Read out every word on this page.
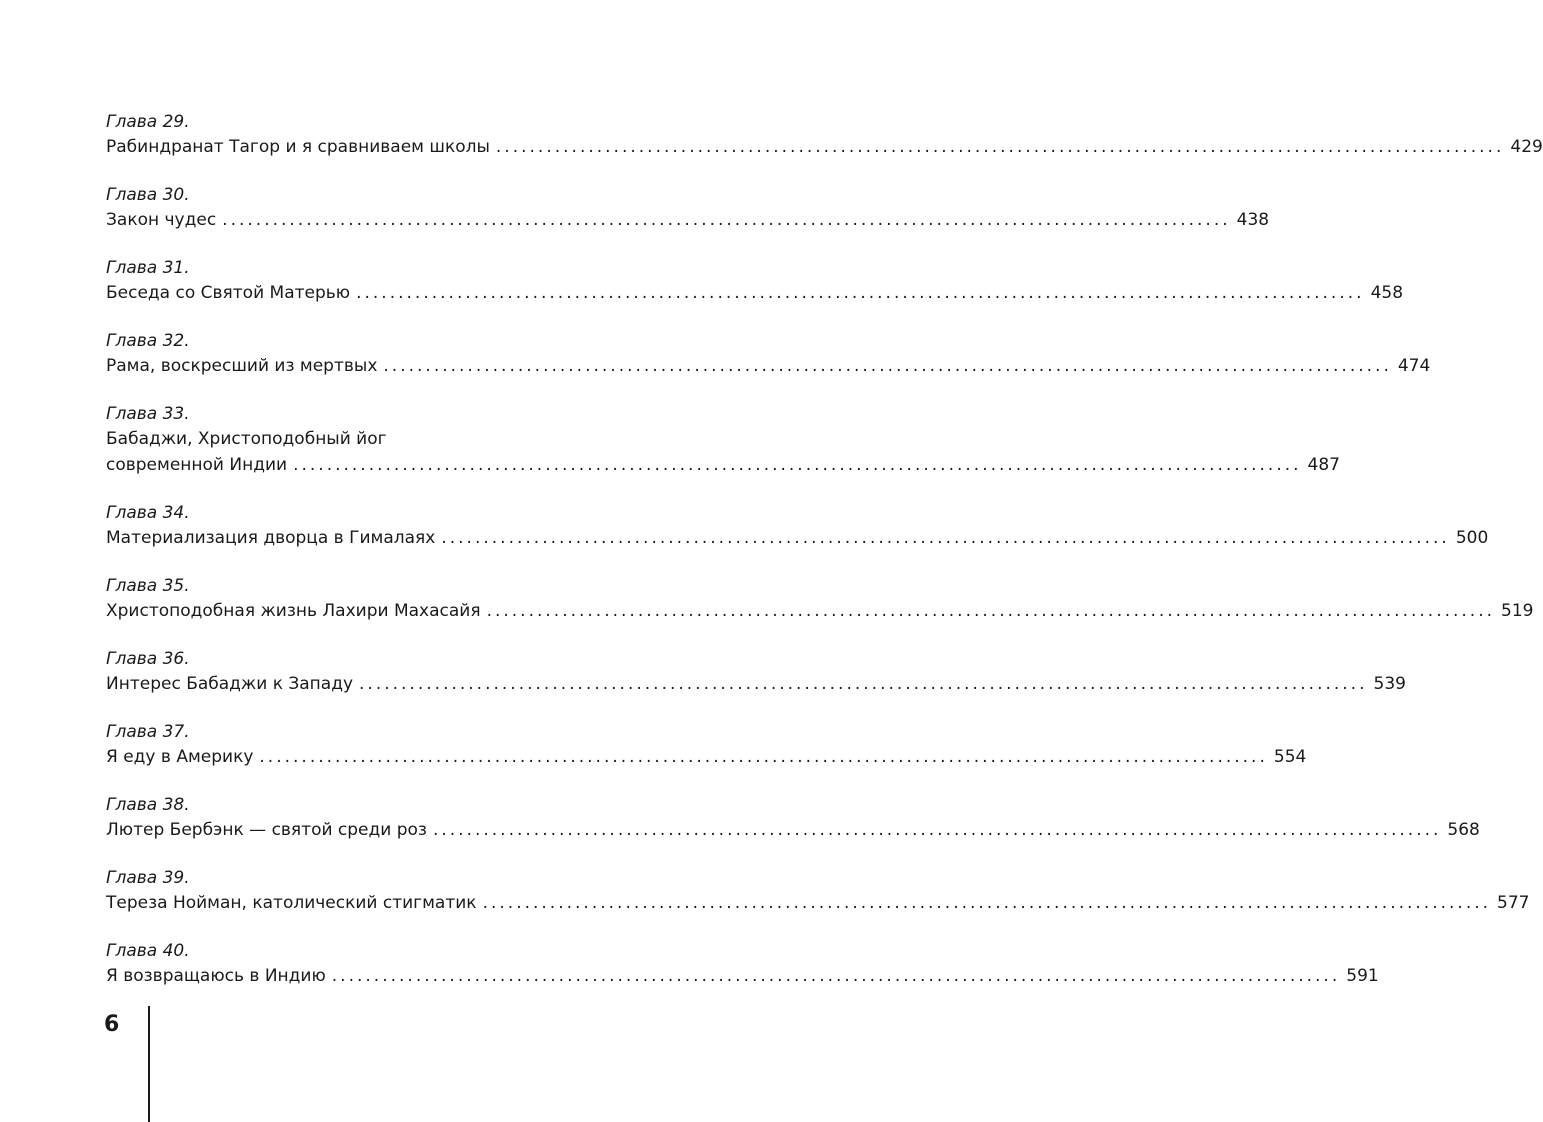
Глава 29.
Рабиндранат Тагор и я сравниваем школы ........................................................................................................................ 429
Глава 30.
Закон чудес ........................................................................................................................ 438
Глава 31.
Беседа со Святой Матерью ........................................................................................................................ 458
Глава 32.
Рама, воскресший из мертвых ........................................................................................................................ 474
Глава 33.
Бабаджи, Христоподобный йог
современной Индии ........................................................................................................................ 487
Глава 34.
Материализация дворца в Гималаях ........................................................................................................................ 500
Глава 35.
Христоподобная жизнь Лахири Махасайя ........................................................................................................................ 519
Глава 36.
Интерес Бабаджи к Западу ........................................................................................................................ 539
Глава 37.
Я еду в Америку ........................................................................................................................ 554
Глава 38.
Лютер Бербэнк — святой среди роз ........................................................................................................................ 568
Глава 39.
Тереза Нойман, католический стигматик ........................................................................................................................ 577
Глава 40.
Я возвращаюсь в Индию ........................................................................................................................ 591
6
